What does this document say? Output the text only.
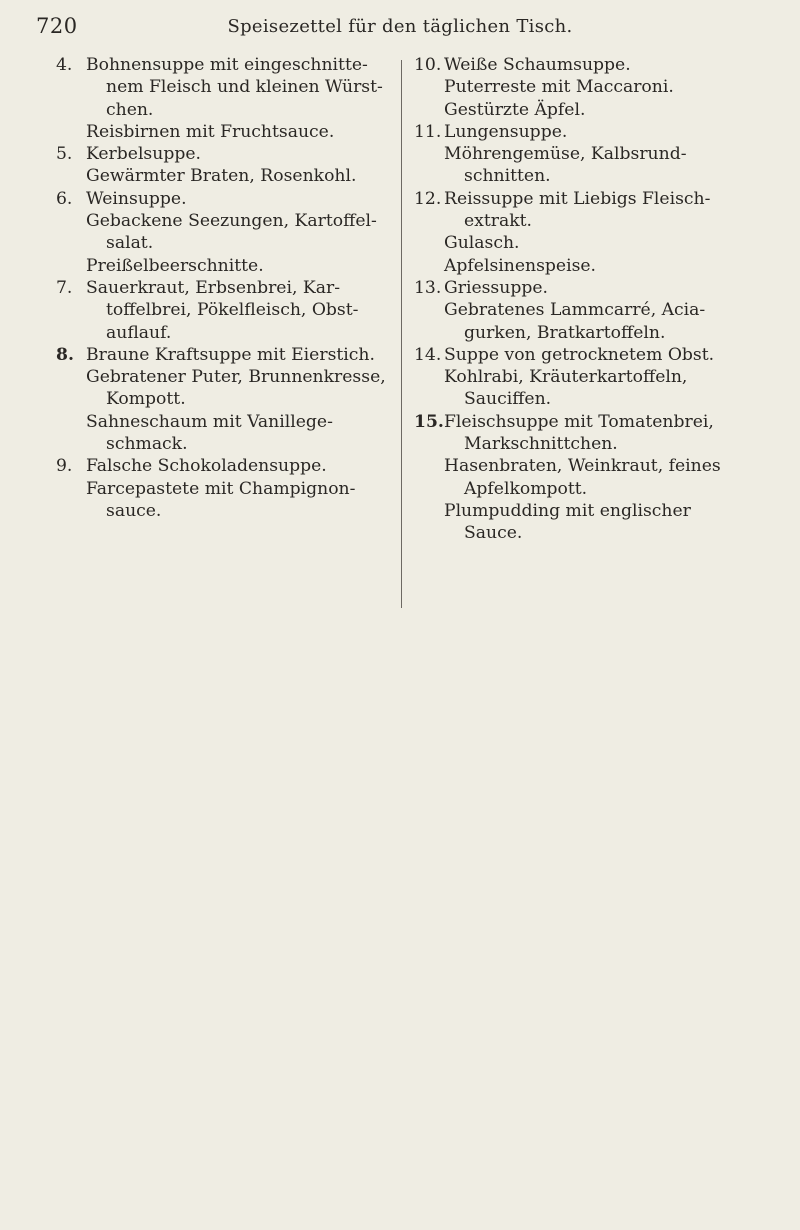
720	Speisezettel für den täglichen Tisch.
4. Bohnensuppe mit eingeschnitte-
nem Fleisch und kleinen Würst-
chen.
Reisbirnen mit Fruchtsauce.
5. Kerbelsuppe.
Gewärmter Braten, Rosenkohl.
6. Weinsuppe.
Gebackene Seezungen, Kartoffel-
salat.
Preißelbeerschnitte.
7. Sauerkraut, Erbsenbrei, Kar-
toffelbrei, Pökelfleisch, Obst-
auflauf.
8. Braune Kraftsuppe mit Eierstich.
Gebratener Puter, Brunnenkresse,
Kompott.
Sahneschaum mit Vanillege-
schmack.
9. Falsche Schokoladensuppe.
Farcepastete mit Champignon-
sauce.
10. Weiße Schaumsuppe.
Puterreste mit Maccaroni.
Gestürzte Äpfel.
11. Lungensuppe.
Möhrengemüse, Kalbsrund-
schnitten.
12. Reissuppe mit Liebigs Fleisch-
extrakt.
Gulasch.
Apfelsinenspeise.
13. Griessuppe.
Gebratenes Lammcarré, Acia-
gurken, Bratkartoffeln.
14. Suppe von getrocknetem Obst.
Kohlrabi, Kräuterkartoffeln,
Sauciffen.
15. Fleischsuppe mit Tomatenbrei,
Markschnittchen.
Hasenbraten, Weinkraut, feines
Apfelkompott.
Plumpudding mit englischer
Sauce.
